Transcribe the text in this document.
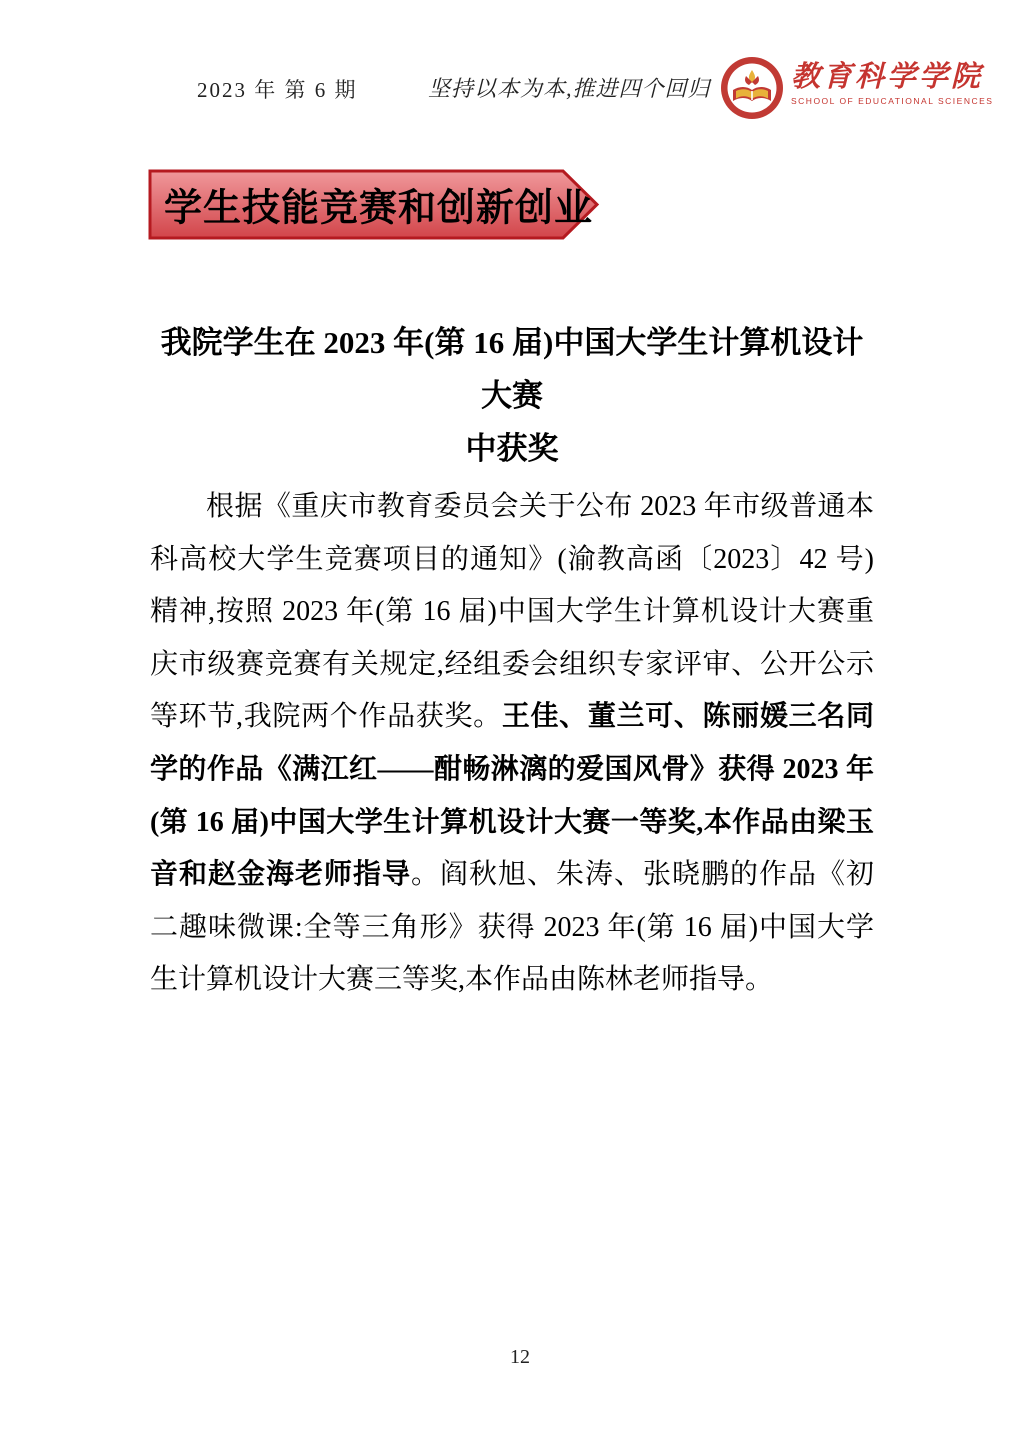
2023 年 第 6 期	坚持以本为本,推进四个回归	教育科学学院
SCHOOL OF EDUCATIONAL SCIENCES
学生技能竞赛和创新创业
我院学生在 2023 年(第 16 届)中国大学生计算机设计大赛
中获奖

根据《重庆市教育委员会关于公布 2023 年市级普通本科高校大学生竞赛项目的通知》(渝教高函〔2023〕42 号)精神,按照 2023 年(第 16 届)中国大学生计算机设计大赛重庆市级赛竞赛有关规定,经组委会组织专家评审、公开公示等环节,我院两个作品获奖。王佳、董兰可、陈丽媛三名同学的作品《满江红——酣畅淋漓的爱国风骨》获得 2023 年(第 16 届)中国大学生计算机设计大赛一等奖,本作品由梁玉音和赵金海老师指导。阎秋旭、朱涛、张晓鹏的作品《初二趣味微课:全等三角形》获得 2023 年(第 16 届)中国大学生计算机设计大赛三等奖,本作品由陈林老师指导。

12
